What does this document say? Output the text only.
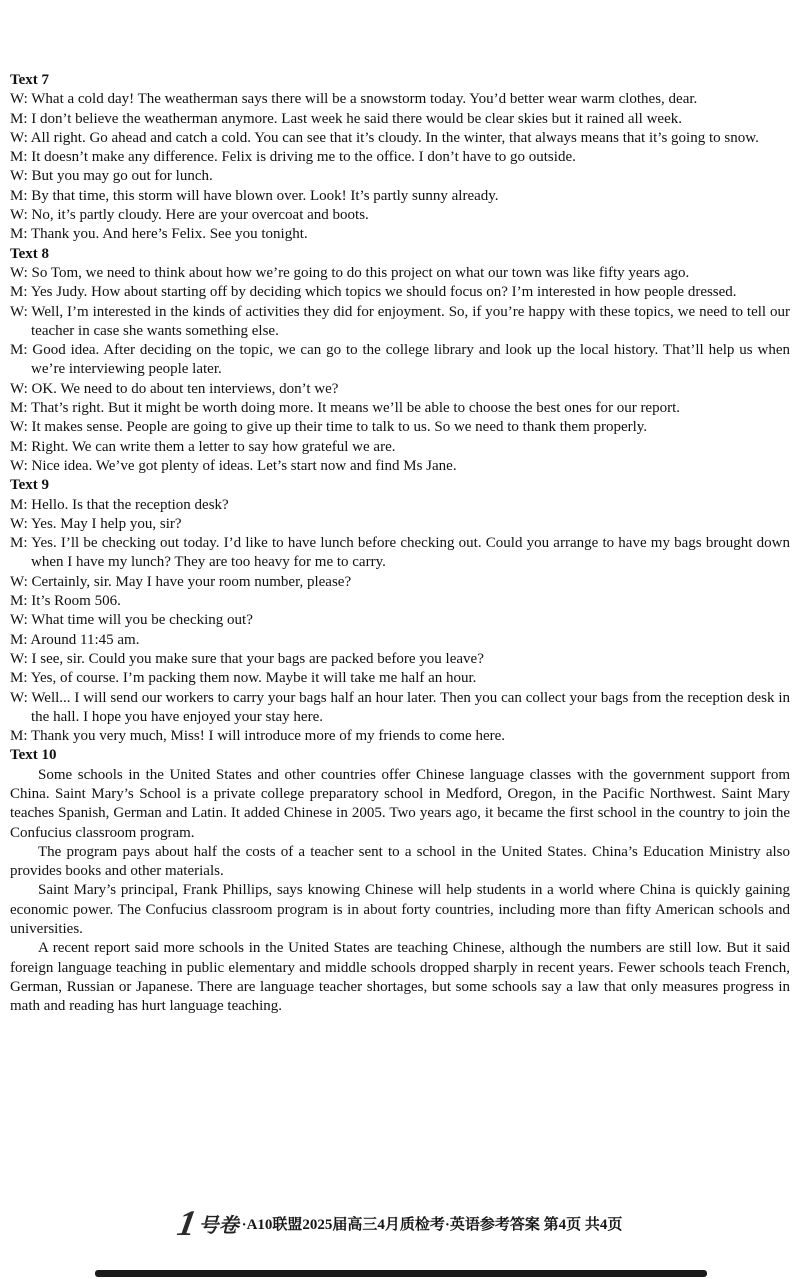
Text 7

W: What a cold day! The weatherman says there will be a snowstorm today. You’d better wear warm clothes, dear.

M: I don’t believe the weatherman anymore. Last week he said there would be clear skies but it rained all week.

W: All right. Go ahead and catch a cold. You can see that it’s cloudy. In the winter, that always means that it’s going to snow.

M: It doesn’t make any difference. Felix is driving me to the office. I don’t have to go outside.

W: But you may go out for lunch.

M: By that time, this storm will have blown over. Look! It’s partly sunny already.

W: No, it’s partly cloudy. Here are your overcoat and boots.

M: Thank you. And here’s Felix. See you tonight.

Text 8

W: So Tom, we need to think about how we’re going to do this project on what our town was like fifty years ago.

M: Yes Judy. How about starting off by deciding which topics we should focus on? I’m interested in how people dressed.

W: Well, I’m interested in the kinds of activities they did for enjoyment. So, if you’re happy with these topics, we need to tell our teacher in case she wants something else.

M: Good idea. After deciding on the topic, we can go to the college library and look up the local history. That’ll help us when we’re interviewing people later.

W: OK. We need to do about ten interviews, don’t we?

M: That’s right. But it might be worth doing more. It means we’ll be able to choose the best ones for our report.

W: It makes sense. People are going to give up their time to talk to us. So we need to thank them properly.

M: Right. We can write them a letter to say how grateful we are.

W: Nice idea. We’ve got plenty of ideas. Let’s start now and find Ms Jane.

Text 9

M: Hello. Is that the reception desk?

W: Yes. May I help you, sir?

M: Yes. I’ll be checking out today. I’d like to have lunch before checking out. Could you arrange to have my bags brought down when I have my lunch? They are too heavy for me to carry.

W: Certainly, sir. May I have your room number, please?

M: It’s Room 506.

W: What time will you be checking out?

M: Around 11:45 am.

W: I see, sir. Could you make sure that your bags are packed before you leave?

M: Yes, of course. I’m packing them now. Maybe it will take me half an hour.

W: Well... I will send our workers to carry your bags half an hour later. Then you can collect your bags from the reception desk in the hall. I hope you have enjoyed your stay here.

M: Thank you very much, Miss! I will introduce more of my friends to come here.

Text 10

Some schools in the United States and other countries offer Chinese language classes with the government support from China. Saint Mary’s School is a private college preparatory school in Medford, Oregon, in the Pacific Northwest. Saint Mary teaches Spanish, German and Latin. It added Chinese in 2005. Two years ago, it became the first school in the country to join the Confucius classroom program.

The program pays about half the costs of a teacher sent to a school in the United States. China’s Education Ministry also provides books and other materials.

Saint Mary’s principal, Frank Phillips, says knowing Chinese will help students in a world where China is quickly gaining economic power. The Confucius classroom program is in about forty countries, including more than fifty American schools and universities.

A recent report said more schools in the United States are teaching Chinese, although the numbers are still low. But it said foreign language teaching in public elementary and middle schools dropped sharply in recent years. Fewer schools teach French, German, Russian or Japanese. There are language teacher shortages, but some schools say a law that only measures progress in math and reading has hurt language teaching.

1 号卷 ·A10联盟2025届高三4月质检考·英语参考答案 第4页 共4页
